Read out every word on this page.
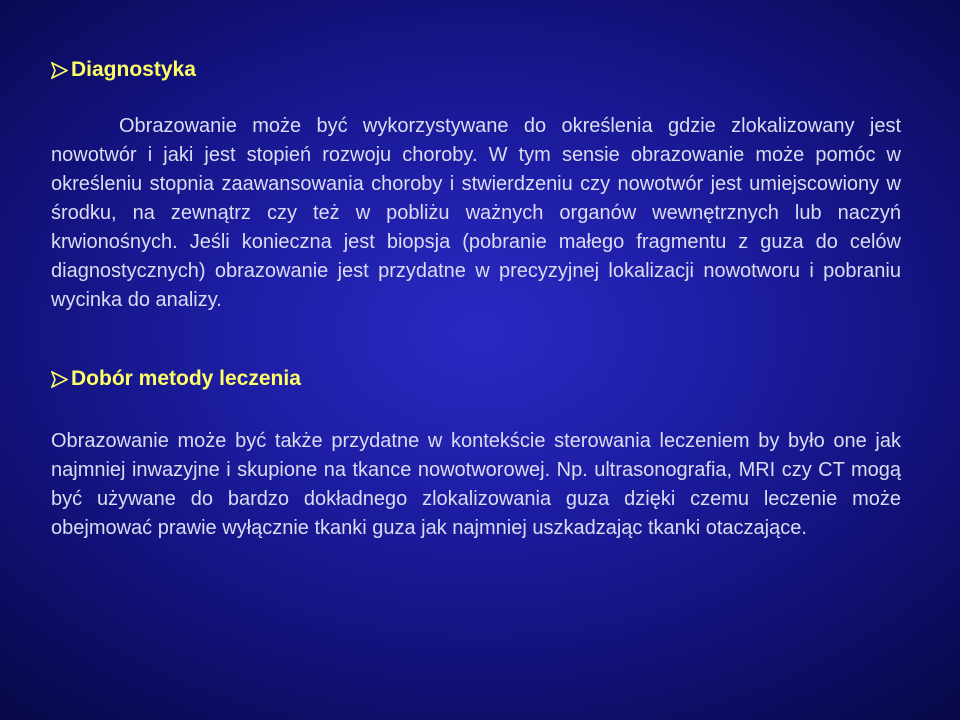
Diagnostyka

Obrazowanie może być wykorzystywane do określenia gdzie zlokalizowany jest nowotwór i jaki jest stopień rozwoju choroby. W tym sensie obrazowanie może pomóc w określeniu stopnia zaawansowania choroby i stwierdzeniu czy nowotwór jest umiejscowiony w środku, na zewnątrz czy też w pobliżu ważnych organów wewnętrznych lub naczyń krwionośnych. Jeśli konieczna jest biopsja (pobranie małego fragmentu z guza do celów diagnostycznych) obrazowanie jest przydatne w precyzyjnej lokalizacji nowotworu i pobraniu wycinka do analizy.

Dobór metody leczenia

Obrazowanie może być także przydatne w kontekście sterowania leczeniem by było one jak najmniej inwazyjne i skupione na tkance nowotworowej. Np. ultrasonografia, MRI czy CT mogą być używane do bardzo dokładnego zlokalizowania guza dzięki czemu leczenie może obejmować prawie wyłącznie tkanki guza jak najmniej uszkadzając tkanki otaczające.
